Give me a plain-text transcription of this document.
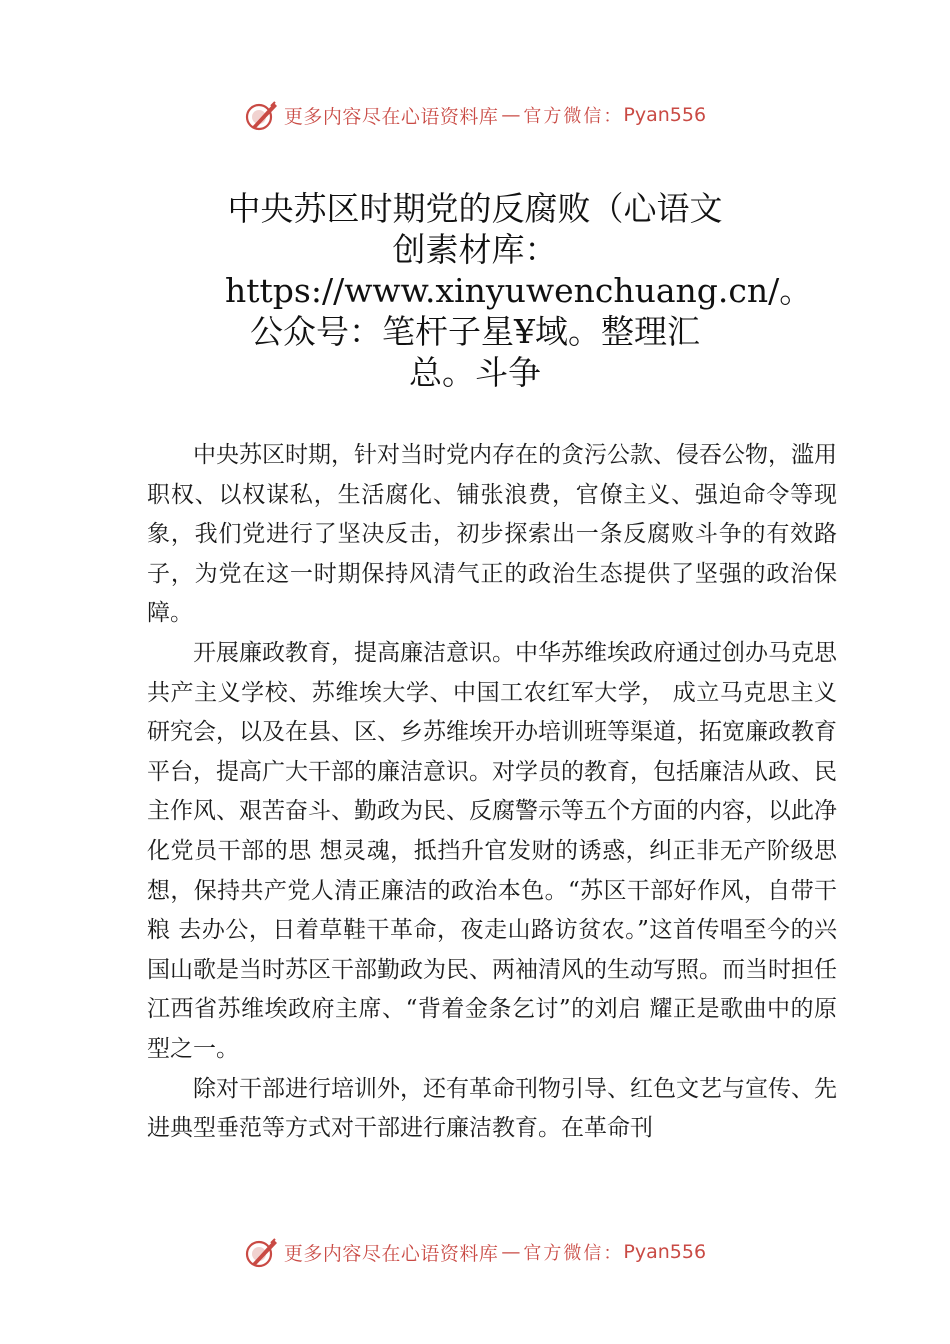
更多内容尽在心语资料库 — 官方微信： Pyan556
中央苏区时期党的反腐败（心语文创素材库：https://www.xinyuwenchuang.cn/。公众号：笔杆子星¥域。整理汇总。斗争

中央苏区时期，针对当时党内存在的贪污公款、侵吞公物，滥用职权、以权谋私，生活腐化、铺张浪费，官僚主义、强迫命令等现象，我们党进行了坚决反击，初步探索出一条反腐败斗争的有效路子，为党在这一时期保持风清气正的政治生态提供了坚强的政治保障。

开展廉政教育，提高廉洁意识。中华苏维埃政府通过创办马克思共产主义学校、苏维埃大学、中国工农红军大学， 成立马克思主义研究会，以及在县、区、乡苏维埃开办培训班等渠道，拓宽廉政教育平台，提高广大干部的廉洁意识。对学员的教育，包括廉洁从政、民主作风、艰苦奋斗、勤政为民、反腐警示等五个方面的内容，以此净化党员干部的思 想灵魂，抵挡升官发财的诱惑，纠正非无产阶级思想，保持共产党人清正廉洁的政治本色。“苏区干部好作风，自带干粮 去办公，日着草鞋干革命，夜走山路访贫农。”这首传唱至今的兴国山歌是当时苏区干部勤政为民、两袖清风的生动写照。而当时担任江西省苏维埃政府主席、“背着金条乞讨”的刘启 耀正是歌曲中的原型之一。

除对干部进行培训外，还有革命刊物引导、红色文艺与宣传、先进典型垂范等方式对干部进行廉洁教育。在革命刊

更多内容尽在心语资料库 — 官方微信： Pyan556
